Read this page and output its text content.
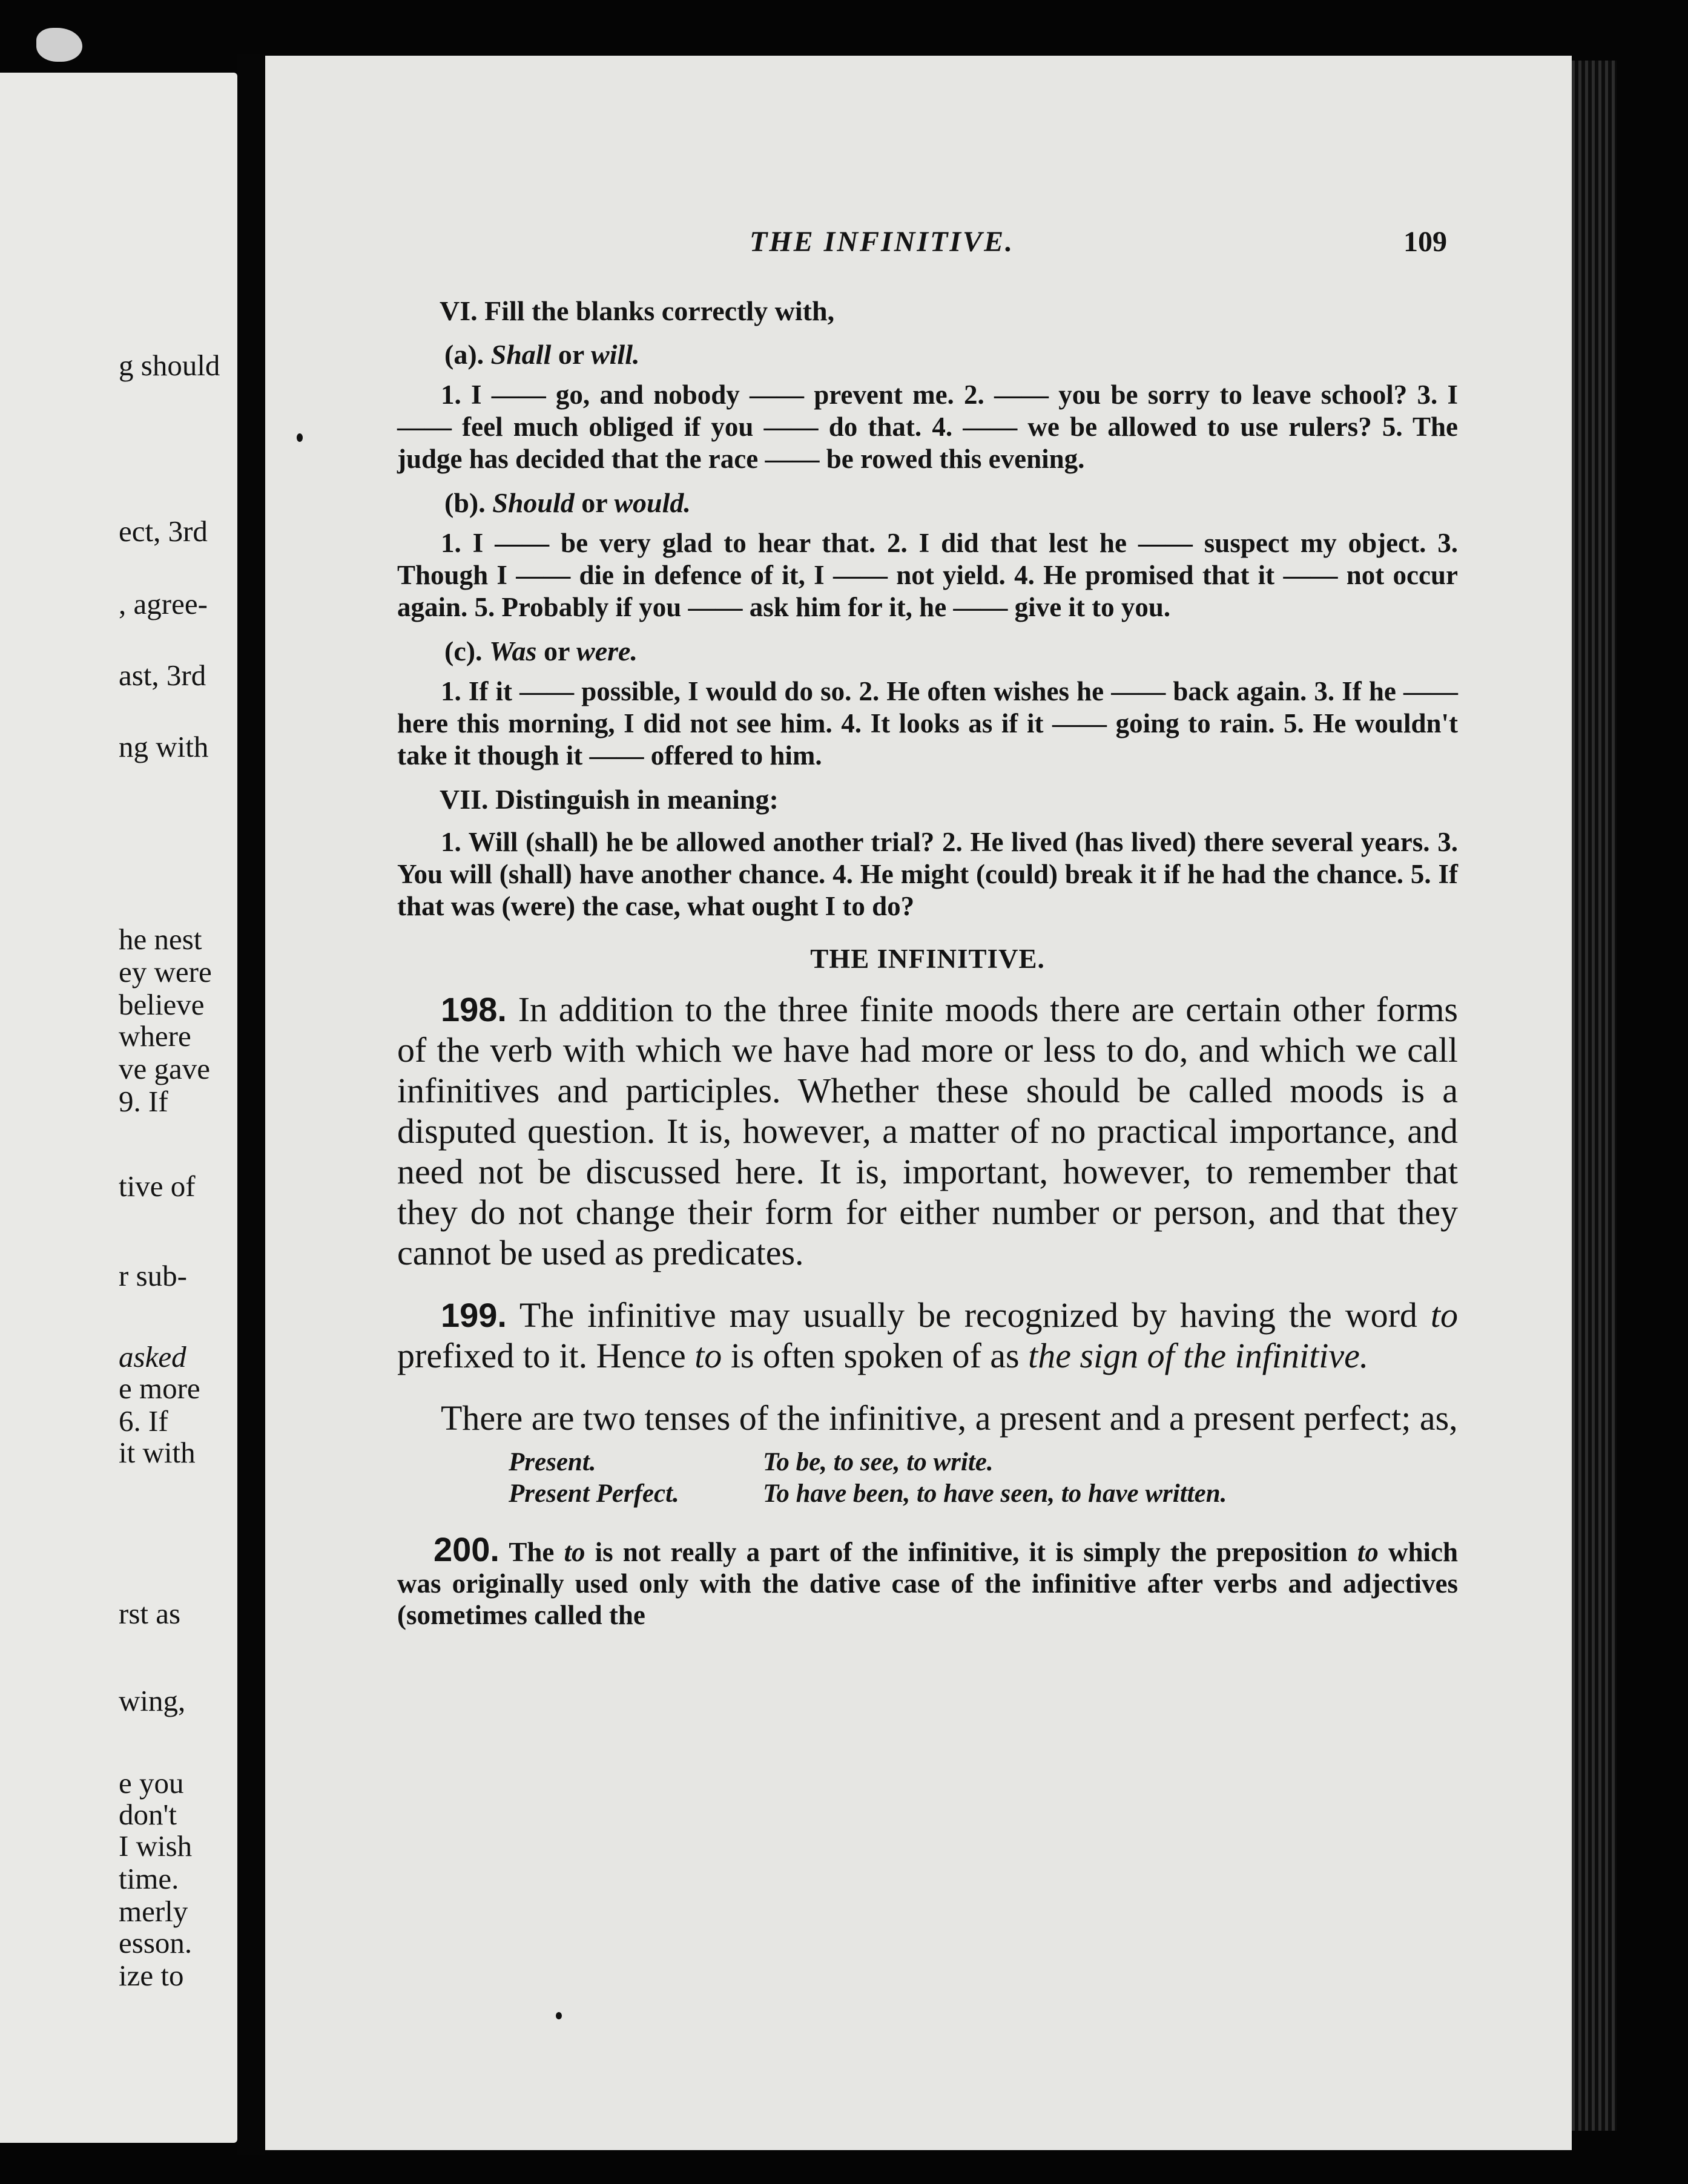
g should
ect, 3rd
, agree-
ast, 3rd
ng with
he nest
ey were
believe
where
ve gave
9. If
tive of
r sub-
asked
e more
6. If
it with
rst as
wing,
e you
don't
I wish
time.
merly
esson.
ize to
THE INFINITIVE.	109
VI. Fill the blanks correctly with,
(a). Shall or will.

1. I —— go, and nobody —— prevent me. 2. —— you be sorry to leave school? 3. I —— feel much obliged if you —— do that. 4. —— we be allowed to use rulers? 5. The judge has decided that the race —— be rowed this evening.

(b). Should or would.

1. I —— be very glad to hear that. 2. I did that lest he —— suspect my object. 3. Though I —— die in defence of it, I —— not yield. 4. He promised that it —— not occur again. 5. Probably if you —— ask him for it, he —— give it to you.

(c). Was or were.

1. If it —— possible, I would do so. 2. He often wishes he —— back again. 3. If he —— here this morning, I did not see him. 4. It looks as if it —— going to rain. 5. He wouldn't take it though it —— offered to him.

VII. Distinguish in meaning:

1. Will (shall) he be allowed another trial? 2. He lived (has lived) there several years. 3. You will (shall) have another chance. 4. He might (could) break it if he had the chance. 5. If that was (were) the case, what ought I to do?

THE INFINITIVE.

198. In addition to the three finite moods there are certain other forms of the verb with which we have had more or less to do, and which we call infinitives and participles. Whether these should be called moods is a disputed question. It is, however, a matter of no practical importance, and need not be discussed here. It is, important, however, to remember that they do not change their form for either number or person, and that they cannot be used as predicates.

199. The infinitive may usually be recognized by having the word to prefixed to it. Hence to is often spoken of as the sign of the infinitive.

There are two tenses of the infinitive, a present and a present perfect; as,

Present.	To be, to see, to write.
Present Perfect.	To have been, to have seen, to have written.

200. The to is not really a part of the infinitive, it is simply the preposition to which was originally used only with the dative case of the infinitive after verbs and adjectives (sometimes called the
